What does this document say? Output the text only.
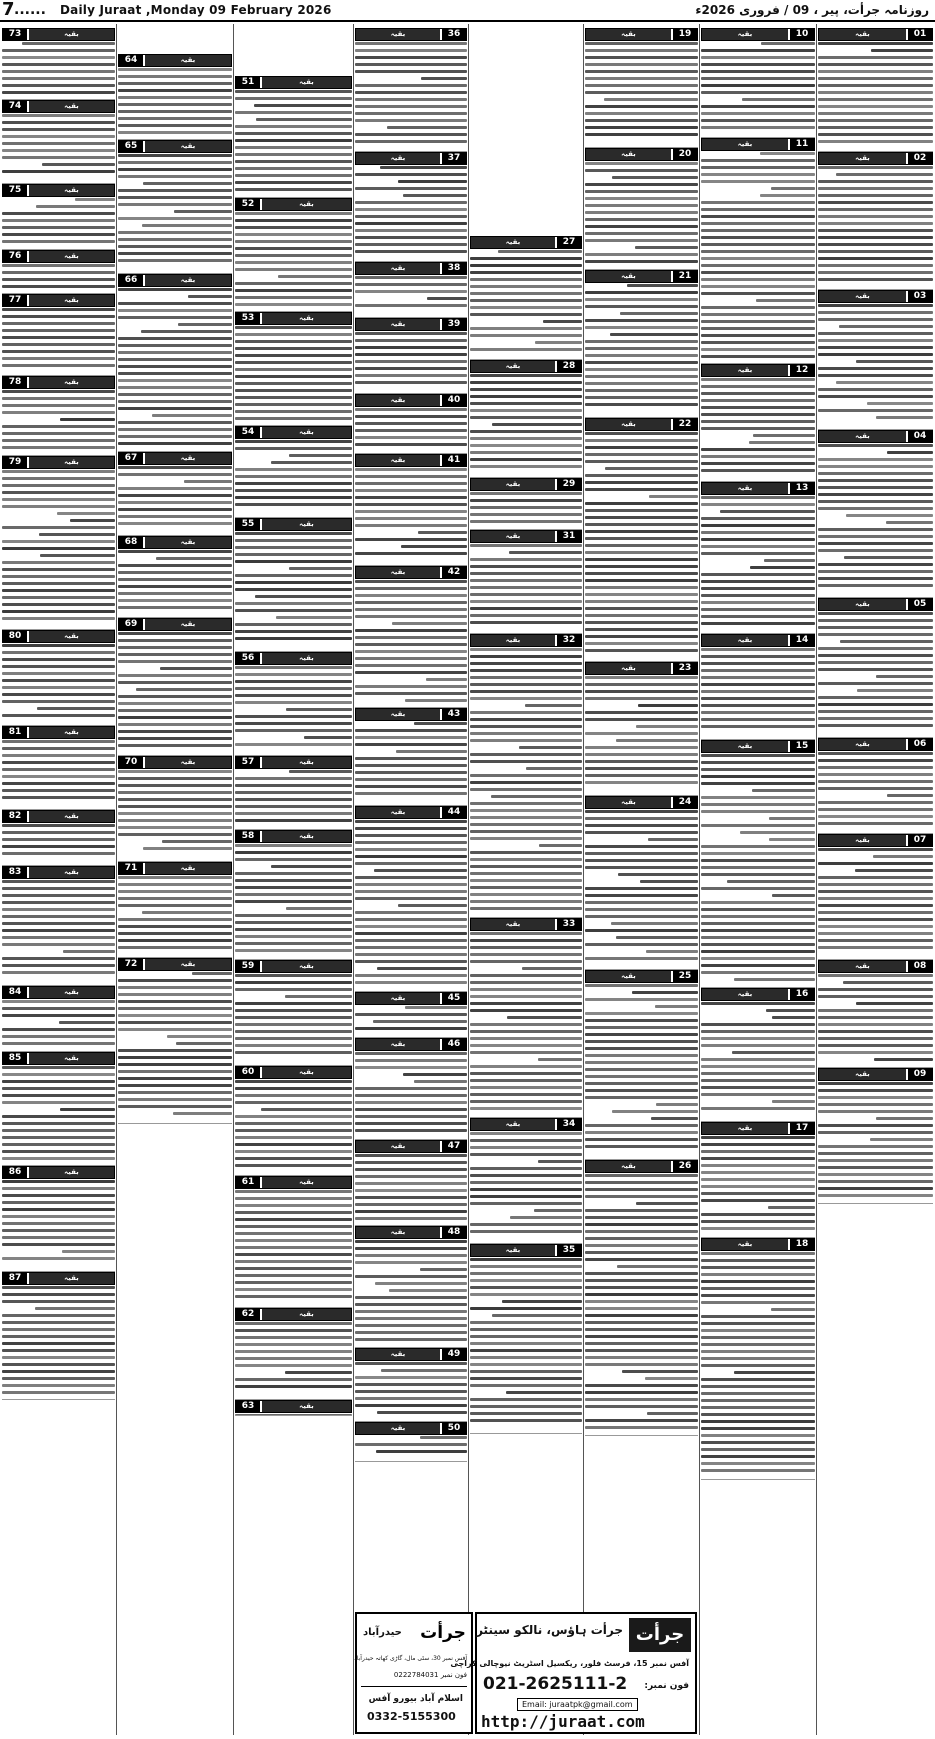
7 ...... Daily Juraat ,Monday 09 February 2026	روزنامہ جرأت، پیر ، 09 / فروری 2026ء
01
بقیہ
02
بقیہ
03
بقیہ
04
بقیہ
05
بقیہ
06
بقیہ
07
بقیہ
08
بقیہ
09
بقیہ
10
بقیہ
11
بقیہ
12
بقیہ
13
بقیہ
14
بقیہ
15
بقیہ
16
بقیہ
17
بقیہ
18
بقیہ
19
بقیہ
20
بقیہ
21
بقیہ
22
بقیہ
23
بقیہ
24
بقیہ
25
بقیہ
26
بقیہ
27
بقیہ
28
بقیہ
29
بقیہ
31
بقیہ
32
بقیہ
33
بقیہ
34
بقیہ
35
بقیہ
36
بقیہ
37
بقیہ
38
بقیہ
39
بقیہ
40
بقیہ
41
بقیہ
42
بقیہ
43
بقیہ
44
بقیہ
45
بقیہ
46
بقیہ
47
بقیہ
48
بقیہ
49
بقیہ
50
بقیہ
51	بقیہ
52	بقیہ
53	بقیہ
54	بقیہ
55	بقیہ
56	بقیہ
57	بقیہ
58	بقیہ
59	بقیہ
60	بقیہ
61	بقیہ
62	بقیہ
63	بقیہ
64	بقیہ
65	بقیہ
66	بقیہ
67	بقیہ
68	بقیہ
69	بقیہ
70	بقیہ
71	بقیہ
72	بقیہ
73	بقیہ
74	بقیہ
75	بقیہ
76	بقیہ
77	بقیہ
78	بقیہ
79	بقیہ
80	بقیہ
81	بقیہ
82	بقیہ
83	بقیہ
84	بقیہ
85	بقیہ
86	بقیہ
87	بقیہ
جرأت
حیدرآباد
آفس نمبر 30، سٹی مال، گاڑی کھاتہ حیدرآباد
فون نمبر 0222784031
اسلام آباد بیورو آفس
0332-5155300
جرأت
جرأت ہاؤس، نالکو سینٹر
آفس نمبر 15، فرسٹ فلور، ریکسیل اسٹریٹ نیوچالی کراچی
فون نمبر:
021-2625111-2
Email: juraatpk@gmail.com
http://juraat.com
